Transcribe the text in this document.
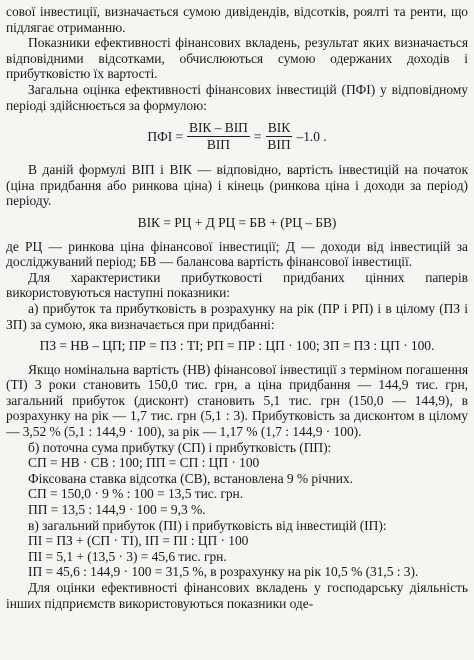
сової інвестиції, визначається сумою дивідендів, відсотків, роялті та ренти, що підлягає отриманню.

Показники ефективності фінансових вкладень, результат яких визначається відповідними відсотками, обчислюються сумою одержаних доходів і прибутковістю їх вартості.

Загальна оцінка ефективності фінансових інвестицій (ПФІ) у відповідному періоді здійснюється за формулою:

ПФІ = $\frac{\text{ВІК – ВІП}}{\text{ВІП}} = \frac{\text{ВІК}}{\text{ВІП}} -1.0$ .

В даній формулі ВІП і ВІК — відповідно, вартість інвестицій на початок (ціна придбання або ринкова ціна) і кінець (ринкова ціна і доходи за період) періоду.

ВІК = РЦ + Д РЦ = БВ + (РЦ – БВ)

де РЦ — ринкова ціна фінансової інвестиції; Д — доходи від інвестицій за досліджуваний період; БВ — балансова вартість фінансової інвестиції.

Для характеристики прибутковості придбаних цінних паперів використовуються наступні показники:

а) прибуток та прибутковість в розрахунку на рік (ПР і РП) і в цілому (ПЗ і ЗП) за сумою, яка визначається при придбанні:

ПЗ = НВ – ЦП; ПР = ПЗ : ТІ; РП = ПР : ЦП · 100; ЗП = ПЗ : ЦП · 100.

Якщо номінальна вартість (НВ) фінансової інвестиції з терміном погашення (ТІ) 3 роки становить 150,0 тис. грн, а ціна придбання — 144,9 тис. грн, загальний прибуток (дисконт) становить 5,1 тис. грн (150,0 — 144,9), в розрахунку на рік — 1,7 тис. грн (5,1 : 3). Прибутковість за дисконтом в цілому — 3,52 % (5,1 : 144,9 · 100), за рік — 1,17 % (1,7 : 144,9 · 100).

б) поточна сума прибутку (СП) і прибутковість (ПП):

СП = НВ · СВ : 100; ПП = СП : ЦП · 100

Фіксована ставка відсотка (СВ), встановлена 9 % річних.

СП = 150,0 · 9 % : 100 = 13,5 тис. грн.

ПП = 13,5 : 144,9 · 100 = 9,3 %.

в) загальний прибуток (ПІ) і прибутковість від інвестицій (ІП):

ПІ = ПЗ + (СП · ТІ), ІП = ПІ : ЦП · 100

ПІ = 5,1 + (13,5 · 3) = 45,6 тис. грн.

ІП = 45,6 : 144,9 · 100 = 31,5 %, в розрахунку на рік 10,5 % (31,5 : 3).

Для оцінки ефективності фінансових вкладень у господарську діяльність інших підприємств використовуються показники оде-
